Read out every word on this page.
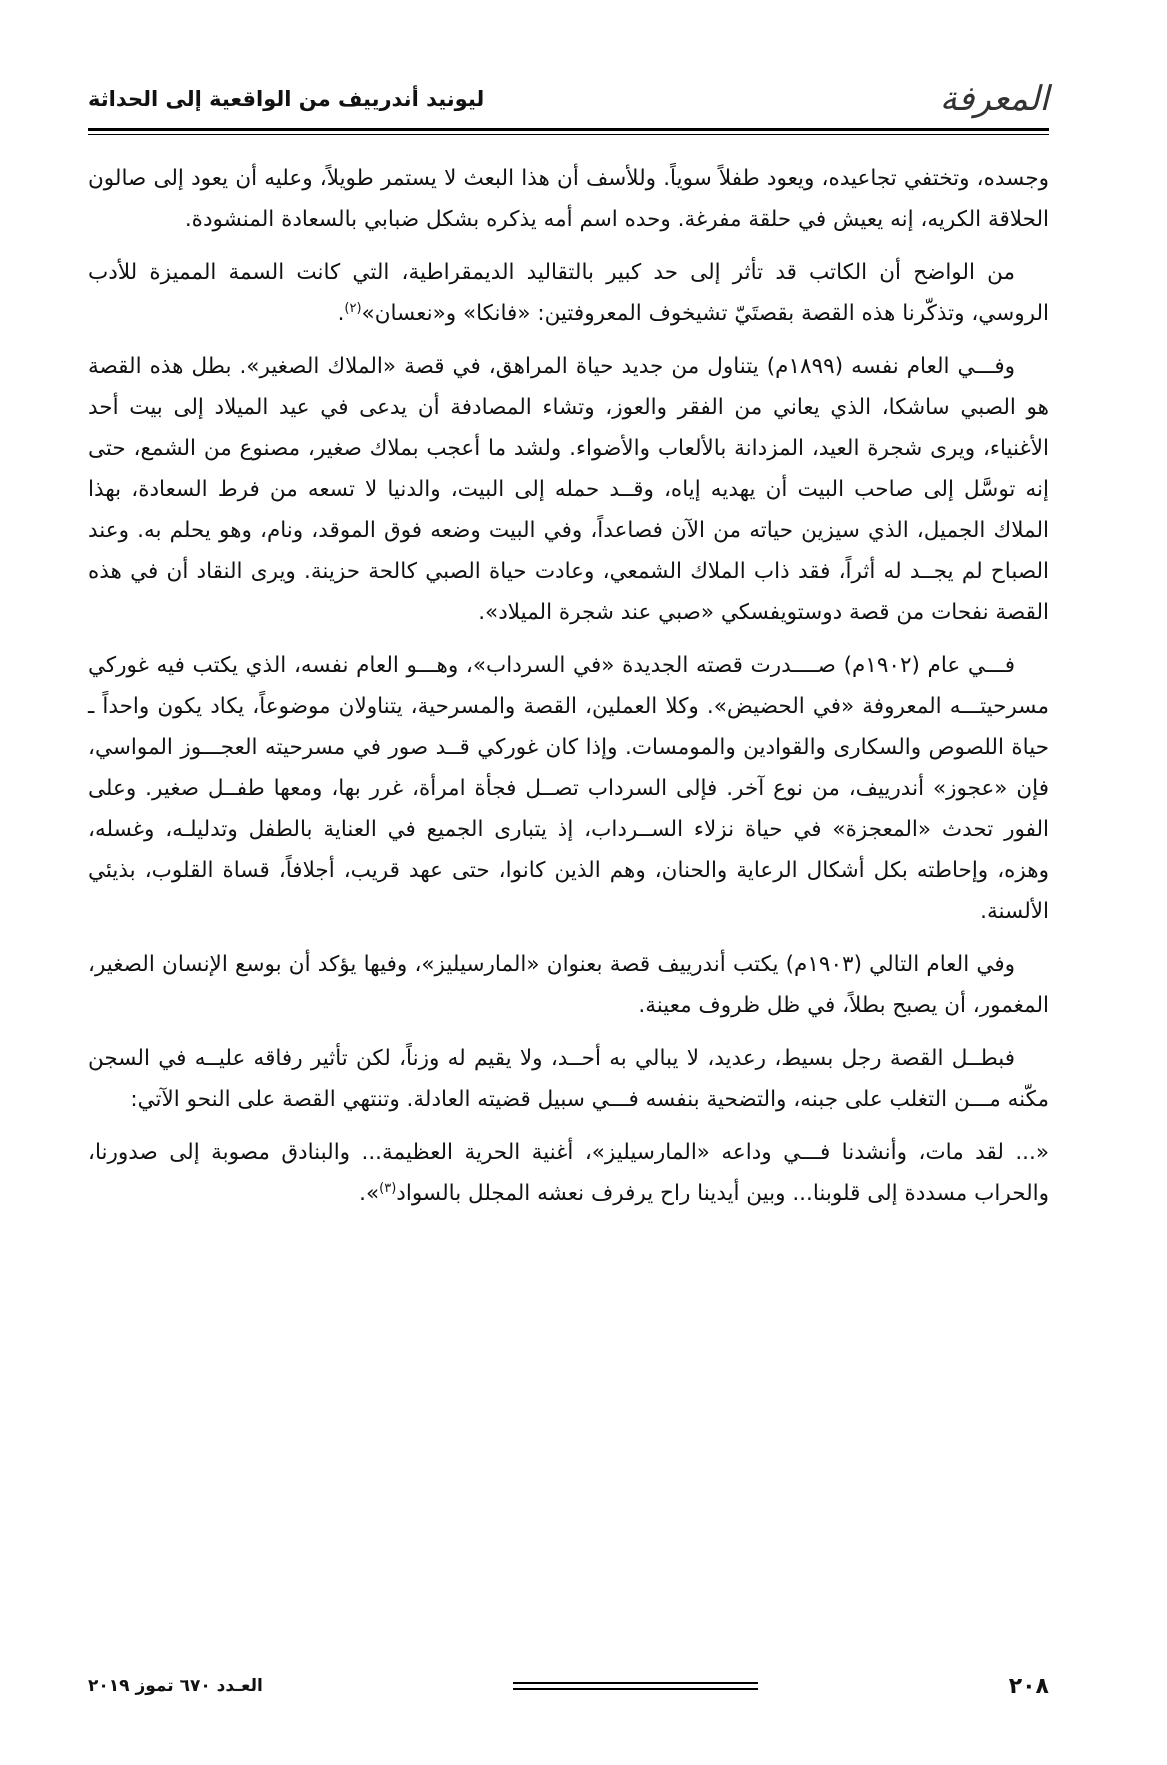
المعرفة
ليونيد أندرييف من الواقعية إلى الحداثة

وجسده، وتختفي تجاعيده، ويعود طفلاً سوياً. وللأسف أن هذا البعث لا يستمر طويلاً، وعليه أن يعود إلى صالون الحلاقة الكريه، إنه يعيش في حلقة مفرغة. وحده اسم أمه يذكره بشكل ضبابي بالسعادة المنشودة.

من الواضح أن الكاتب قد تأثر إلى حد كبير بالتقاليد الديمقراطية، التي كانت السمة المميزة للأدب الروسي، وتذكّرنا هذه القصة بقصتَيّ تشيخوف المعروفتين: «فانكا» و«نعسان»$^{(٢)}$.

وفـــي العام نفسه (١٨٩٩م) يتناول من جديد حياة المراهق، في قصة «الملاك الصغير». بطل هذه القصة هو الصبي ساشكا، الذي يعاني من الفقر والعوز، وتشاء المصادفة أن يدعى في عيد الميلاد إلى بيت أحد الأغنياء، ويرى شجرة العيد، المزدانة بالألعاب والأضواء. ولشد ما أعجب بملاك صغير، مصنوع من الشمع، حتى إنه توسَّل إلى صاحب البيت أن يهديه إياه، وقــد حمله إلى البيت، والدنيا لا تسعه من فرط السعادة، بهذا الملاك الجميل، الذي سيزين حياته من الآن فصاعداً، وفي البيت وضعه فوق الموقد، ونام، وهو يحلم به. وعند الصباح لم يجــد له أثراً، فقد ذاب الملاك الشمعي، وعادت حياة الصبي كالحة حزينة. ويرى النقاد أن في هذه القصة نفحات من قصة دوستويفسكي «صبي عند شجرة الميلاد».

فـــي عام (١٩٠٢م) صــــدرت قصته الجديدة «في السرداب»، وهـــو العام نفسه، الذي يكتب فيه غوركي مسرحيتـــه المعروفة «في الحضيض». وكلا العملين، القصة والمسرحية، يتناولان موضوعاً، يكاد يكون واحداً ـ حياة اللصوص والسكارى والقوادين والمومسات. وإذا كان غوركي قــد صور في مسرحيته العجـــوز المواسي، فإن «عجوز» أندرييف، من نوع آخر. فإلى السرداب تصــل فجأة امرأة، غرر بها، ومعها طفــل صغير. وعلى الفور تحدث «المعجزة» في حياة نزلاء الســرداب، إذ يتبارى الجميع في العناية بالطفل وتدليلـه، وغسله، وهزه، وإحاطته بكل أشكال الرعاية والحنان، وهم الذين كانوا، حتى عهد قريب، أجلافاً، قساة القلوب، بذيئي الألسنة.

وفي العام التالي (١٩٠٣م) يكتب أندرييف قصة بعنوان «المارسيليز»، وفيها يؤكد أن بوسع الإنسان الصغير، المغمور، أن يصبح بطلاً، في ظل ظروف معينة.

فبطــل القصة رجل بسيط، رعديد، لا يبالي به أحــد، ولا يقيم له وزناً، لكن تأثير رفاقه عليــه في السجن مكّنه مـــن التغلب على جبنه، والتضحية بنفسه فـــي سبيل قضيته العادلة. وتنتهي القصة على النحو الآتي:

«... لقد مات، وأنشدنا فـــي وداعه «المارسيليز»، أغنية الحرية العظيمة... والبنادق مصوبة إلى صدورنا، والحراب مسددة إلى قلوبنا... وبين أيدينا راح يرفرف نعشه المجلل بالسواد$^{(٣)}$».

٢٠٨
العـدد ٦٧٠ تموز ٢٠١٩
